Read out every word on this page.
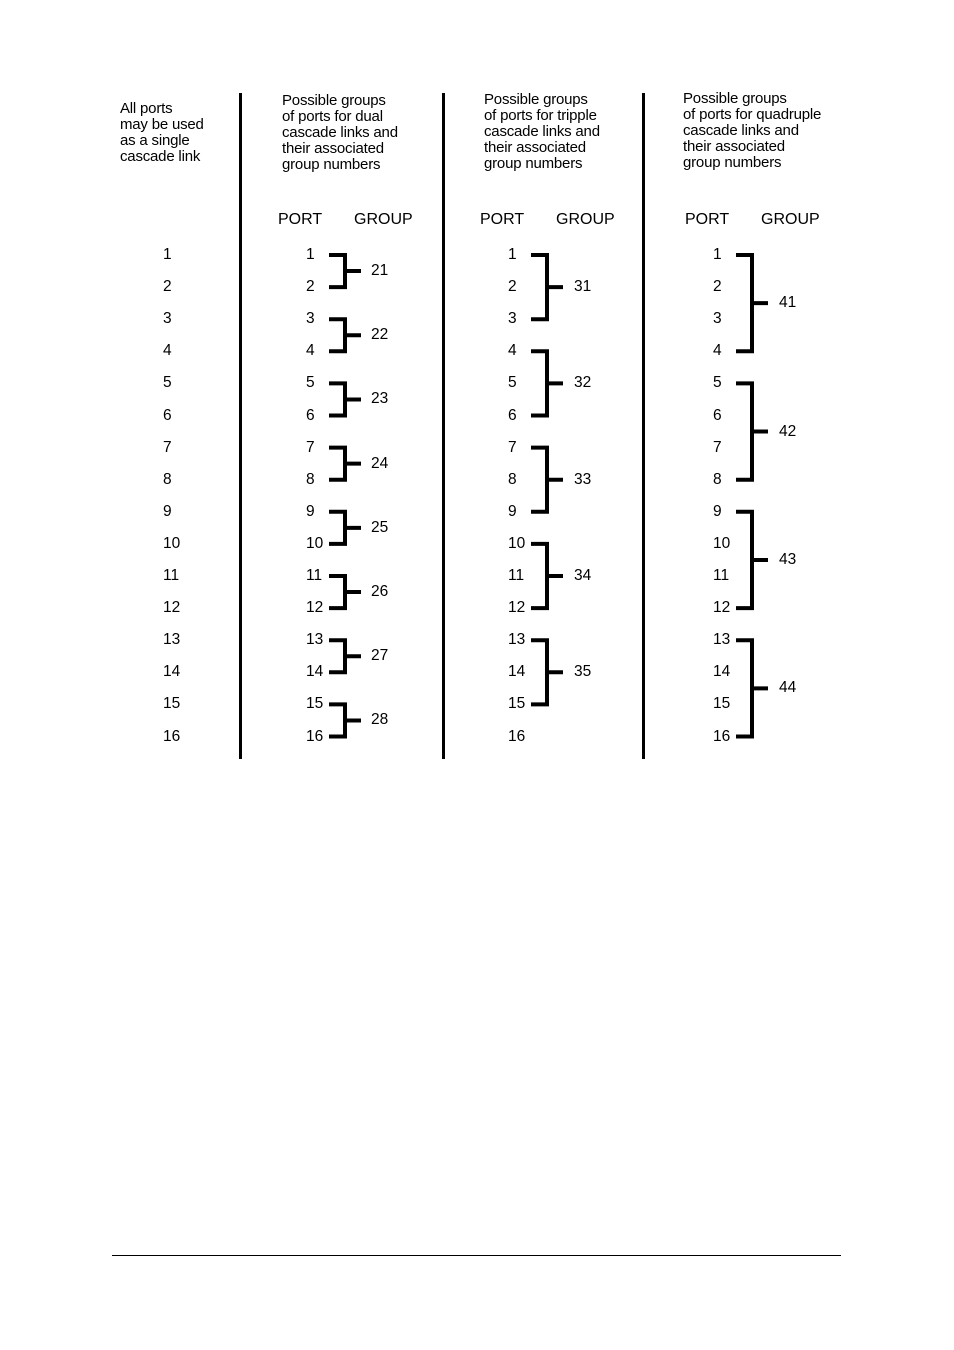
All ports
may be used
as a single
cascade link
Possible groups
of ports for dual
cascade links and
their associated
group numbers
Possible groups
of ports for tripple
cascade links and
their associated
group numbers
Possible groups
of ports for quadruple
cascade links and
their associated
group numbers
PORT GROUP	PORT GROUP	PORT GROUP
1
2
3
4
5
6
7
8
9
10
11
12
13
14
15
16
1
2
3
4
5
6
7
8
9
10
11
12
13
14
15
16
1
2
3
4
5
6
7
8
9
10
11
12
13
14
15
16
1
2
3
4
5
6
7
8
9
10
11
12
13
14
15
16
21
22
23
24
25
26
27
28
31
32
33
34
35
41
42
43
44
